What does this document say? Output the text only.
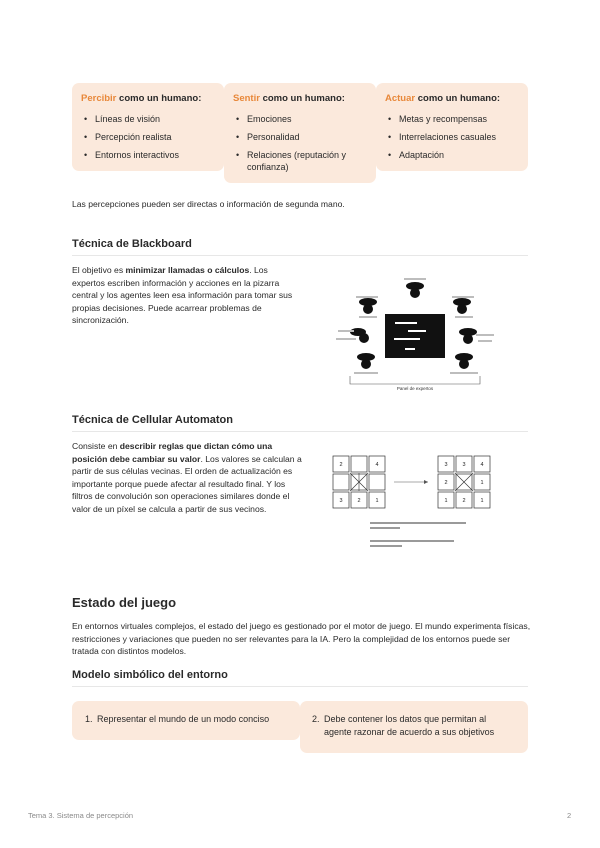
Percibir como un humano:
• Líneas de visión
• Percepción realista
• Entornos interactivos
Sentir como un humano:
• Emociones
• Personalidad
• Relaciones (reputación y confianza)
Actuar como un humano:
• Metas y recompensas
• Interrelaciones casuales
• Adaptación
Las percepciones pueden ser directas o información de segunda mano.
Técnica de Blackboard
El objetivo es minimizar llamadas o cálculos. Los expertos escriben información y acciones en la pizarra central y los agentes leen esa información para tomar sus propias decisiones. Puede acarrear problemas de sincronización.
Panel de expertos
Técnica de Cellular Automaton
Consiste en describir reglas que dictan cómo una posición debe cambiar su valor. Los valores se calculan a partir de sus células vecinas. El orden de actualización es importante porque puede afectar al resultado final. Y los filtros de convolución son operaciones similares donde el valor de un píxel se calcula a partir de sus vecinos.
2	4
3	2	1
3	3	4
2	1
1	2	1
Estado del juego
En entornos virtuales complejos, el estado del juego es gestionado por el motor de juego. El mundo experimenta físicas, restricciones y variaciones que pueden no ser relevantes para la IA. Pero la complejidad de los entornos puede ser tratada con distintos modelos.
Modelo simbólico del entorno
1. Representar el mundo de un modo conciso	2. Debe contener los datos que permitan al agente razonar de acuerdo a sus objetivos
Tema 3. Sistema de percepción	2
